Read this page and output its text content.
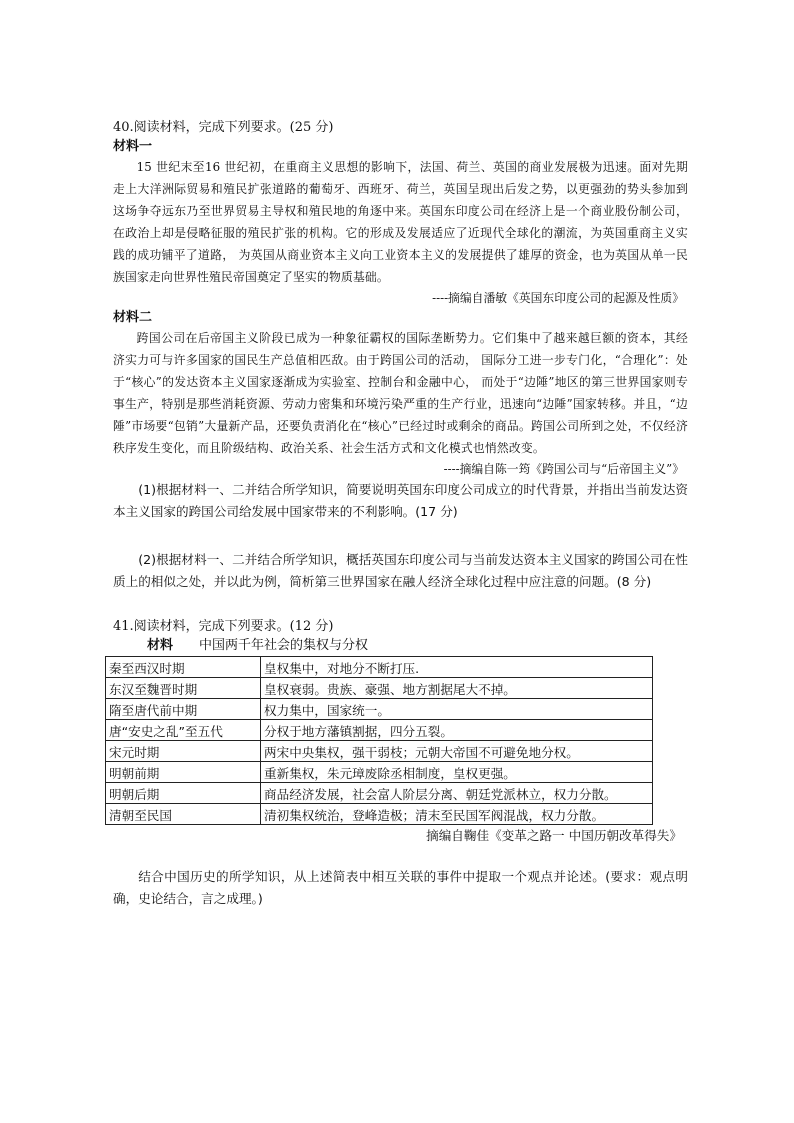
40.阅读材料，完成下列要求。(25 分)

材料一

15 世纪末至16 世纪初，在重商主义思想的影响下，法国、荷兰、英国的商业发展极为迅速。面对先期走上大洋洲际贸易和殖民扩张道路的葡萄牙、西班牙、荷兰，英国呈现出后发之势，以更强劲的势头参加到这场争夺远东乃至世界贸易主导权和殖民地的角逐中来。英国东印度公司在经济上是一个商业股份制公司，在政治上却是侵略征服的殖民扩张的机构。它的形成及发展适应了近现代全球化的潮流，为英国重商主义实践的成功铺平了道路， 为英国从商业资本主义向工业资本主义的发展提供了雄厚的资金，也为英国从单一民族国家走向世界性殖民帝国奠定了坚实的物质基础。

----摘编自潘敏《英国东印度公司的起源及性质》

材料二

跨国公司在后帝国主义阶段已成为一种象征霸权的国际垄断势力。它们集中了越来越巨额的资本，其经济实力可与许多国家的国民生产总值相匹敌。由于跨国公司的活动， 国际分工进一步专门化，“合理化”：处于“核心”的发达资本主义国家逐渐成为实验室、控制台和金融中心， 而处于“边陲”地区的第三世界国家则专事生产，特别是那些消耗资源、劳动力密集和环境污染严重的生产行业，迅速向“边陲”国家转移。并且，“边陲”市场要“包销”大量新产品，还要负责消化在“核心”已经过时或剩余的商品。跨国公司所到之处，不仅经济秩序发生变化，而且阶级结构、政治关系、社会生活方式和文化模式也悄然改变。

----摘编自陈一筠《跨国公司与“后帝国主义”》

(1)根据材料一、二并结合所学知识，简要说明英国东印度公司成立的时代背景，并指出当前发达资本主义国家的跨国公司给发展中国家带来的不利影响。(17 分)

(2)根据材料一、二并结合所学知识，概括英国东印度公司与当前发达资本主义国家的跨国公司在性质上的相似之处，并以此为例，简析第三世界国家在融人经济全球化过程中应注意的问题。(8 分)

41.阅读材料，完成下列要求。(12 分)

材料 中国两千年社会的集权与分权

秦至西汉时期	皇权集中，对地分不断打压.
东汉至魏晋时期	皇权衰弱。贵族、豪强、地方割据尾大不掉。
隋至唐代前中期	权力集中，国家统一。
唐“安史之乱”至五代	分权于地方藩镇割据，四分五裂。
宋元时期	两宋中央集权，强干弱枝；元朝大帝国不可避免地分权。
明朝前期	重新集权，朱元璋废除丞相制度，皇权更强。
明朝后期	商品经济发展，社会富人阶层分离、朝廷党派林立，权力分散。
清朝至民国	清初集权统治，登峰造极；清末至民国军阀混战，权力分散。

摘编自鞠佳《变革之路一 中国历朝改革得失》

结合中国历史的所学知识，从上述简表中相互关联的事件中提取一个观点并论述。(要求：观点明确，史论结合，言之成理。)
